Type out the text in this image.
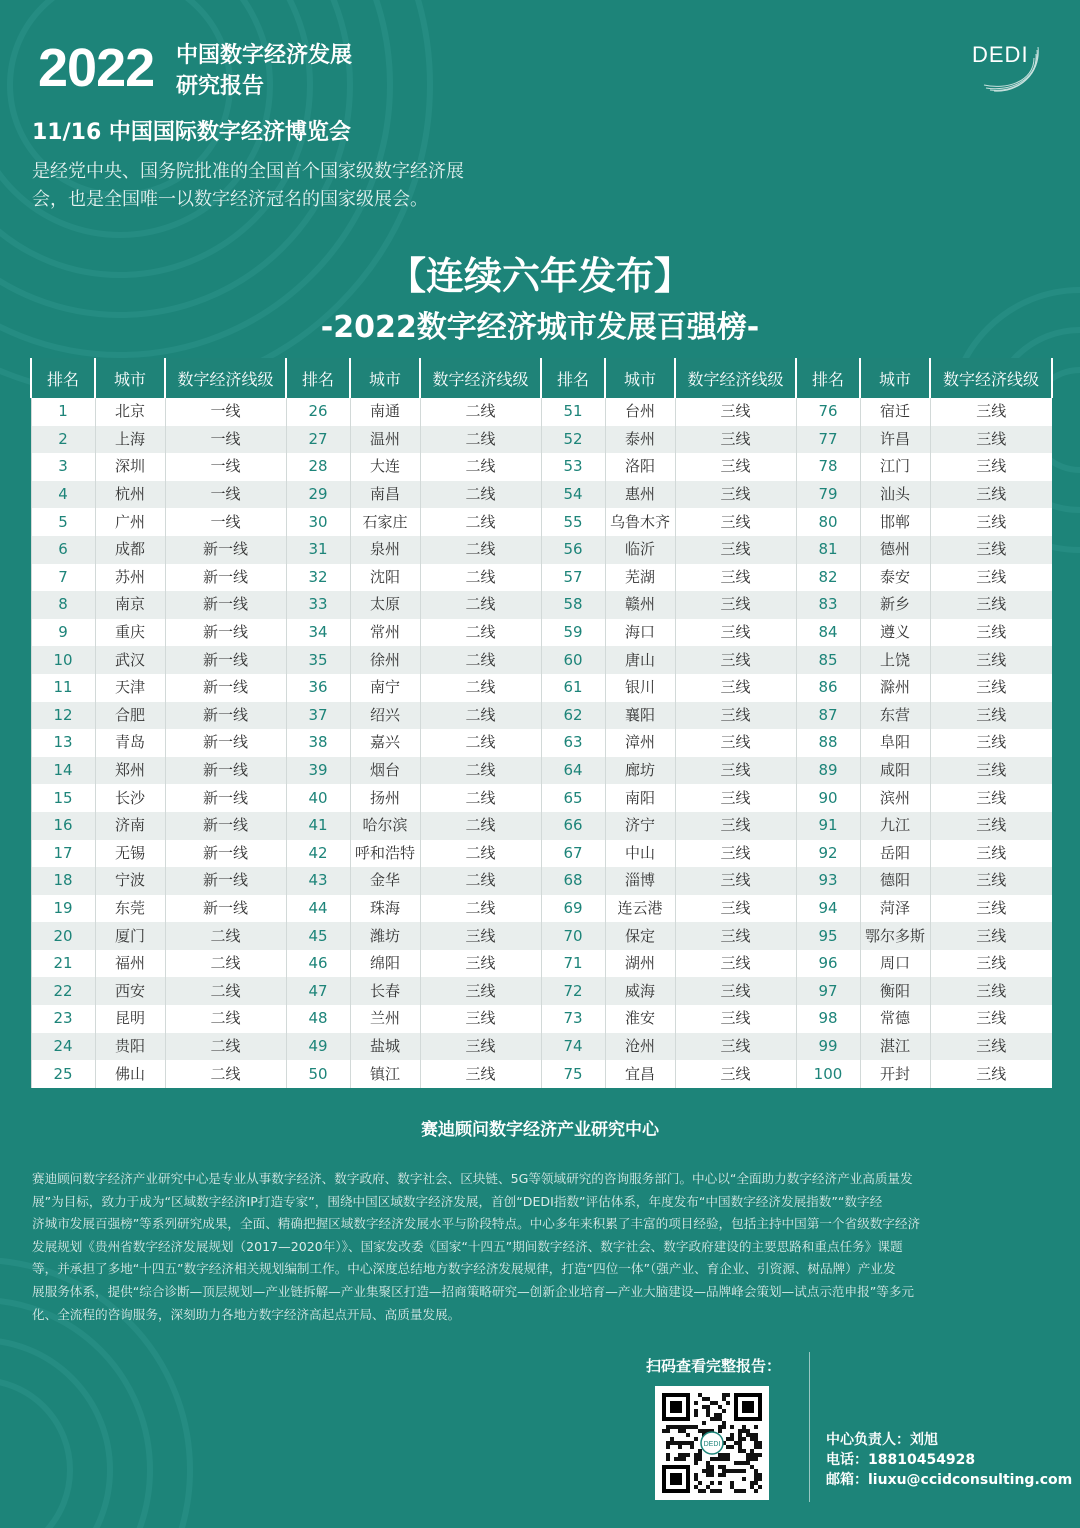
2022 中国数字经济发展
研究报告
DEDI
11/16 中国国际数字经济博览会
是经党中央、国务院批准的全国首个国家级数字经济展
会，也是全国唯一以数字经济冠名的国家级展会。
【连续六年发布】
-2022数字经济城市发展百强榜-
排名	城市	数字经济线级	排名	城市	数字经济线级	排名	城市	数字经济线级	排名	城市	数字经济线级
1	北京	一线	26	南通	二线	51	台州	三线	76	宿迁	三线
2	上海	一线	27	温州	二线	52	泰州	三线	77	许昌	三线
3	深圳	一线	28	大连	二线	53	洛阳	三线	78	江门	三线
4	杭州	一线	29	南昌	二线	54	惠州	三线	79	汕头	三线
5	广州	一线	30	石家庄	二线	55	乌鲁木齐	三线	80	邯郸	三线
6	成都	新一线	31	泉州	二线	56	临沂	三线	81	德州	三线
7	苏州	新一线	32	沈阳	二线	57	芜湖	三线	82	泰安	三线
8	南京	新一线	33	太原	二线	58	赣州	三线	83	新乡	三线
9	重庆	新一线	34	常州	二线	59	海口	三线	84	遵义	三线
10	武汉	新一线	35	徐州	二线	60	唐山	三线	85	上饶	三线
11	天津	新一线	36	南宁	二线	61	银川	三线	86	滁州	三线
12	合肥	新一线	37	绍兴	二线	62	襄阳	三线	87	东营	三线
13	青岛	新一线	38	嘉兴	二线	63	漳州	三线	88	阜阳	三线
14	郑州	新一线	39	烟台	二线	64	廊坊	三线	89	咸阳	三线
15	长沙	新一线	40	扬州	二线	65	南阳	三线	90	滨州	三线
16	济南	新一线	41	哈尔滨	二线	66	济宁	三线	91	九江	三线
17	无锡	新一线	42	呼和浩特	二线	67	中山	三线	92	岳阳	三线
18	宁波	新一线	43	金华	二线	68	淄博	三线	93	德阳	三线
19	东莞	新一线	44	珠海	二线	69	连云港	三线	94	菏泽	三线
20	厦门	二线	45	潍坊	三线	70	保定	三线	95	鄂尔多斯	三线
21	福州	二线	46	绵阳	三线	71	湖州	三线	96	周口	三线
22	西安	二线	47	长春	三线	72	威海	三线	97	衡阳	三线
23	昆明	二线	48	兰州	三线	73	淮安	三线	98	常德	三线
24	贵阳	二线	49	盐城	三线	74	沧州	三线	99	湛江	三线
25	佛山	二线	50	镇江	三线	75	宜昌	三线	100	开封	三线
赛迪顾问数字经济产业研究中心
赛迪顾问数字经济产业研究中心是专业从事数字经济、数字政府、数字社会、区块链、5G等领域研究的咨询服务部门。中心以“全面助力数字经济产业高质量发
展”为目标，致力于成为“区域数字经济IP打造专家”，围绕中国区域数字经济发展，首创“DEDI指数”评估体系，年度发布“中国数字经济发展指数”“数字经
济城市发展百强榜”等系列研究成果，全面、精确把握区域数字经济发展水平与阶段特点。中心多年来积累了丰富的项目经验，包括主持中国第一个省级数字经济
发展规划《贵州省数字经济发展规划（2017—2020年）》、国家发改委《国家“十四五”期间数字经济、数字社会、数字政府建设的主要思路和重点任务》课题
等，并承担了多地“十四五”数字经济相关规划编制工作。中心深度总结地方数字经济发展规律，打造“四位一体”（强产业、育企业、引资源、树品牌）产业发
展服务体系，提供“综合诊断—顶层规划—产业链拆解—产业集聚区打造—招商策略研究—创新企业培育—产业大脑建设—品牌峰会策划—试点示范申报”等多元
化、全流程的咨询服务，深刻助力各地方数字经济高起点开局、高质量发展。
扫码查看完整报告：
DEDI	中心负责人：刘旭
电话：18810454928
邮箱：liuxu@ccidconsulting.com
